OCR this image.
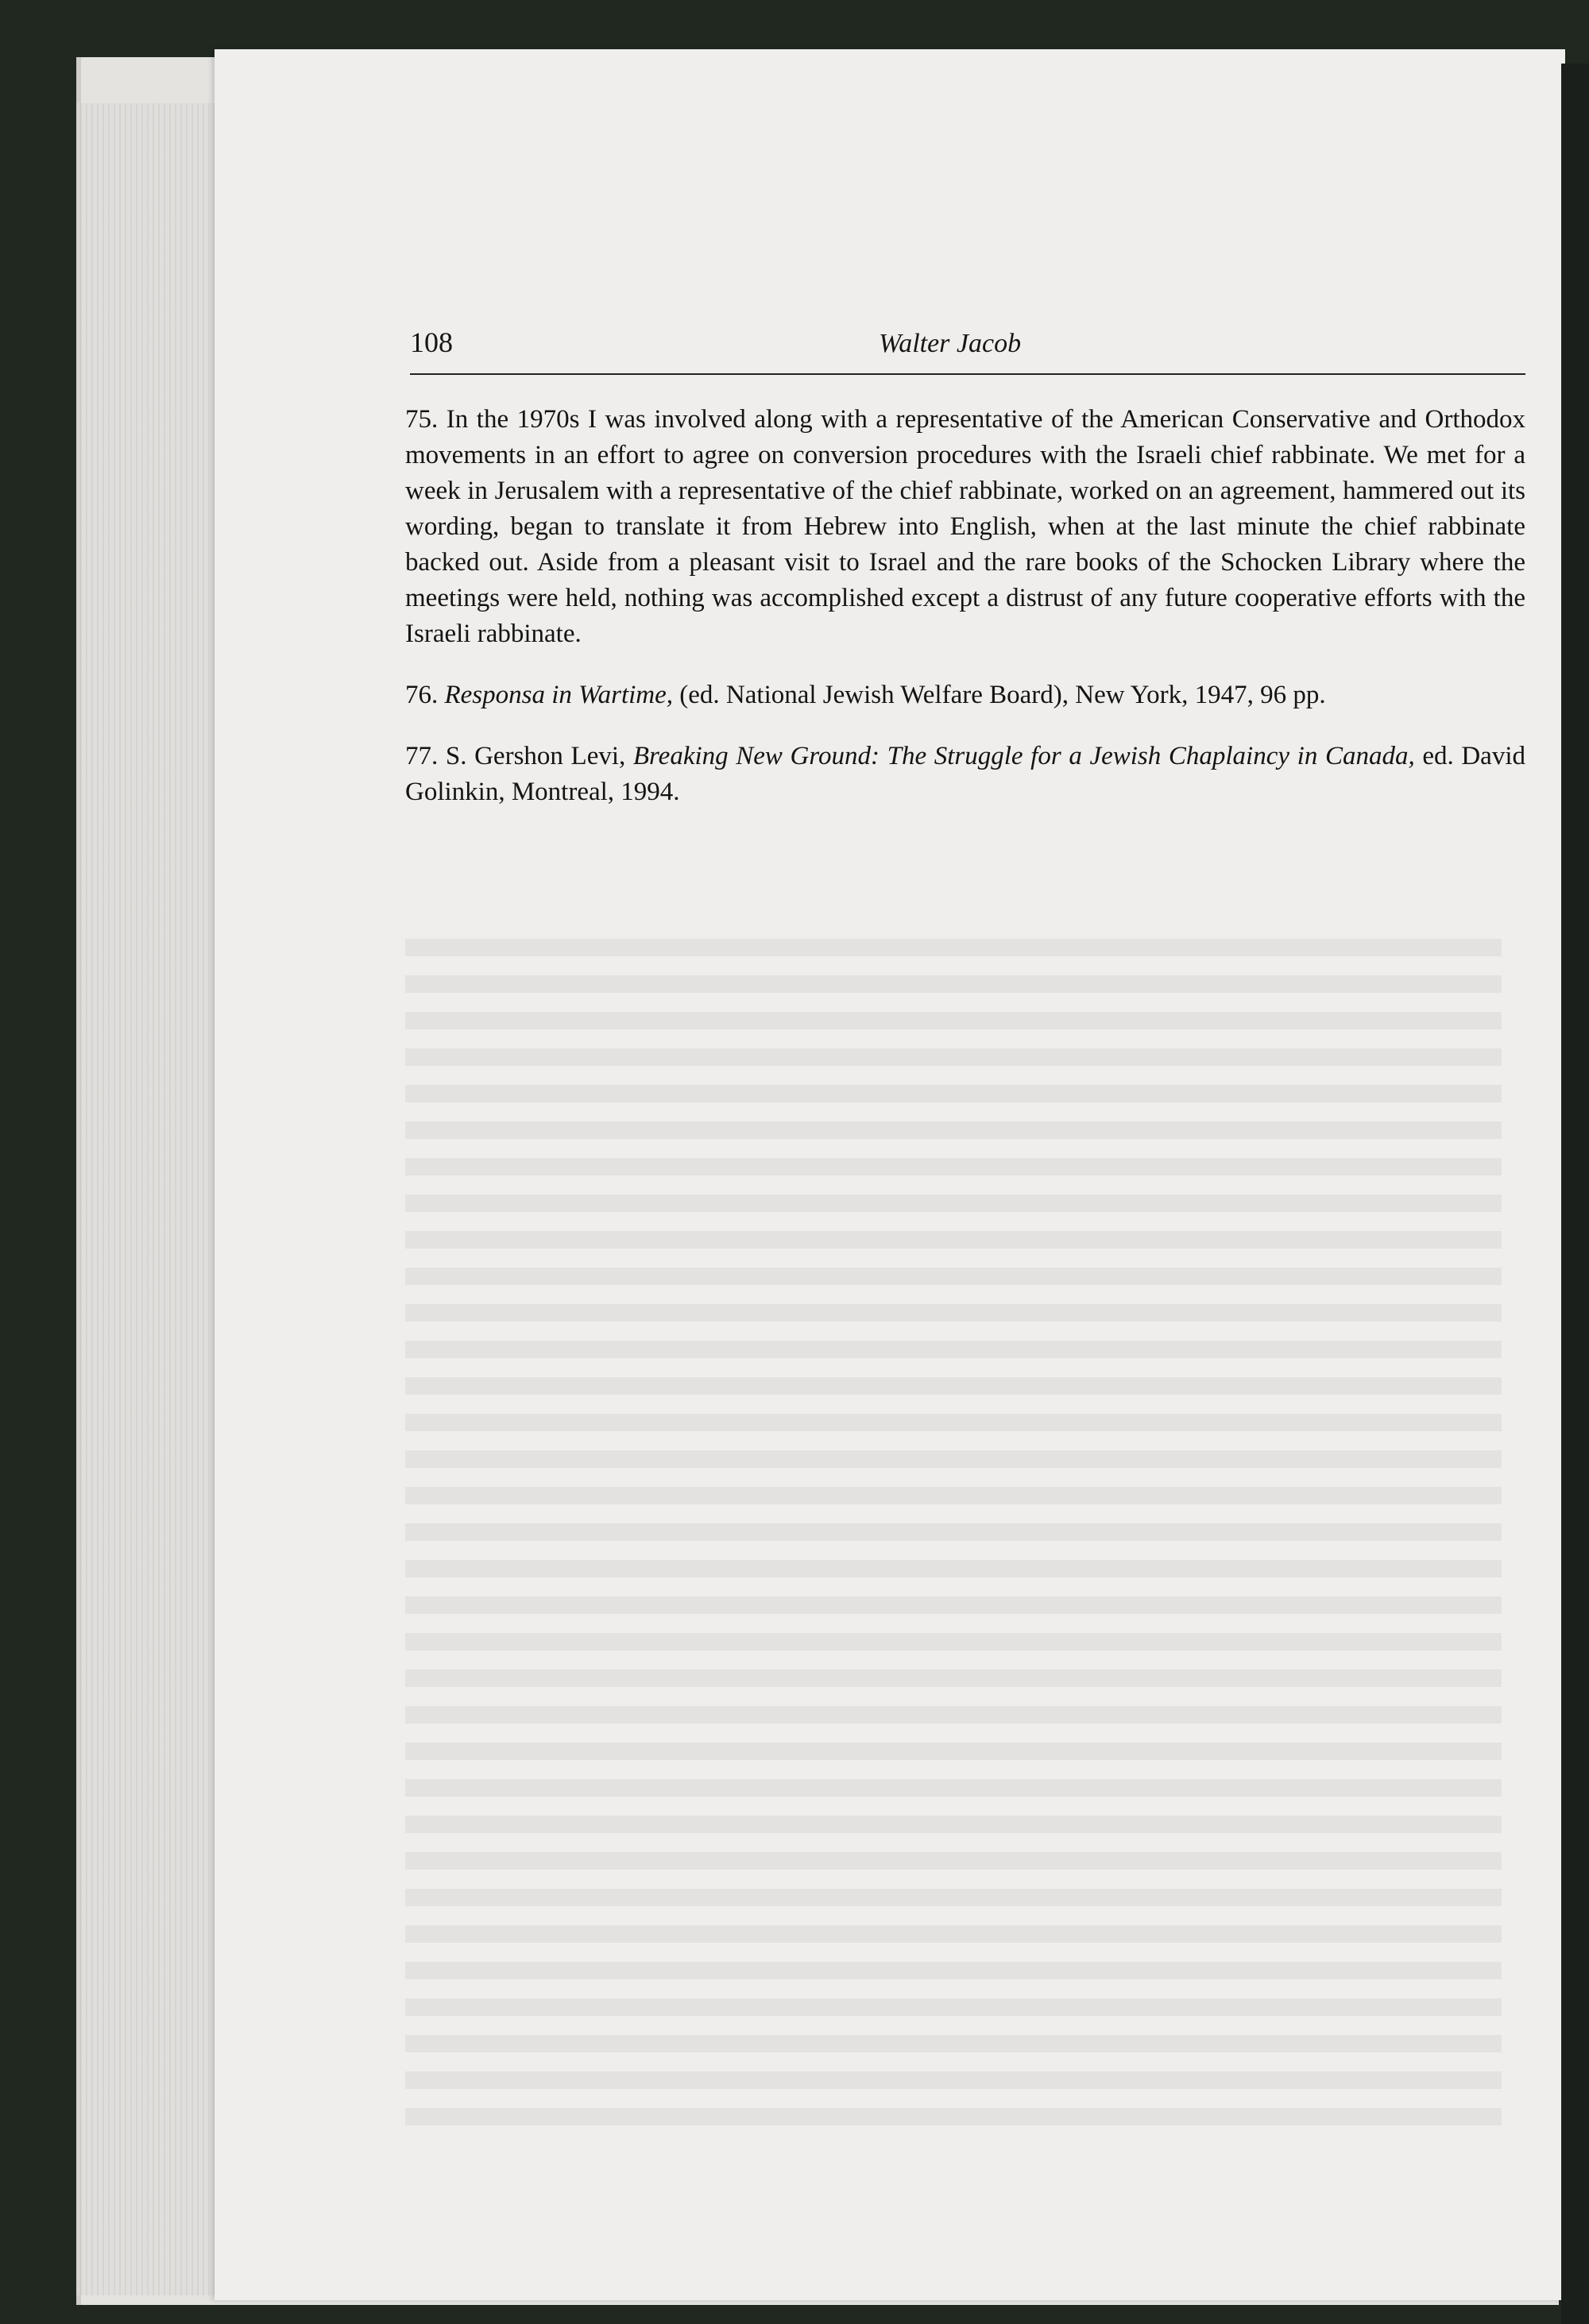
108	Walter Jacob

75. In the 1970s I was involved along with a representative of the American Conservative and Orthodox movements in an effort to agree on conversion procedures with the Israeli chief rabbinate. We met for a week in Jerusalem with a representative of the chief rabbinate, worked on an agreement, hammered out its wording, began to translate it from Hebrew into English, when at the last minute the chief rabbinate backed out. Aside from a pleasant visit to Israel and the rare books of the Schocken Library where the meetings were held, nothing was accomplished except a distrust of any future cooperative efforts with the Israeli rabbinate.

76. Responsa in Wartime, (ed. National Jewish Welfare Board), New York, 1947, 96 pp.

77. S. Gershon Levi, Breaking New Ground: The Struggle for a Jewish Chaplaincy in Canada, ed. David Golinkin, Montreal, 1994.
